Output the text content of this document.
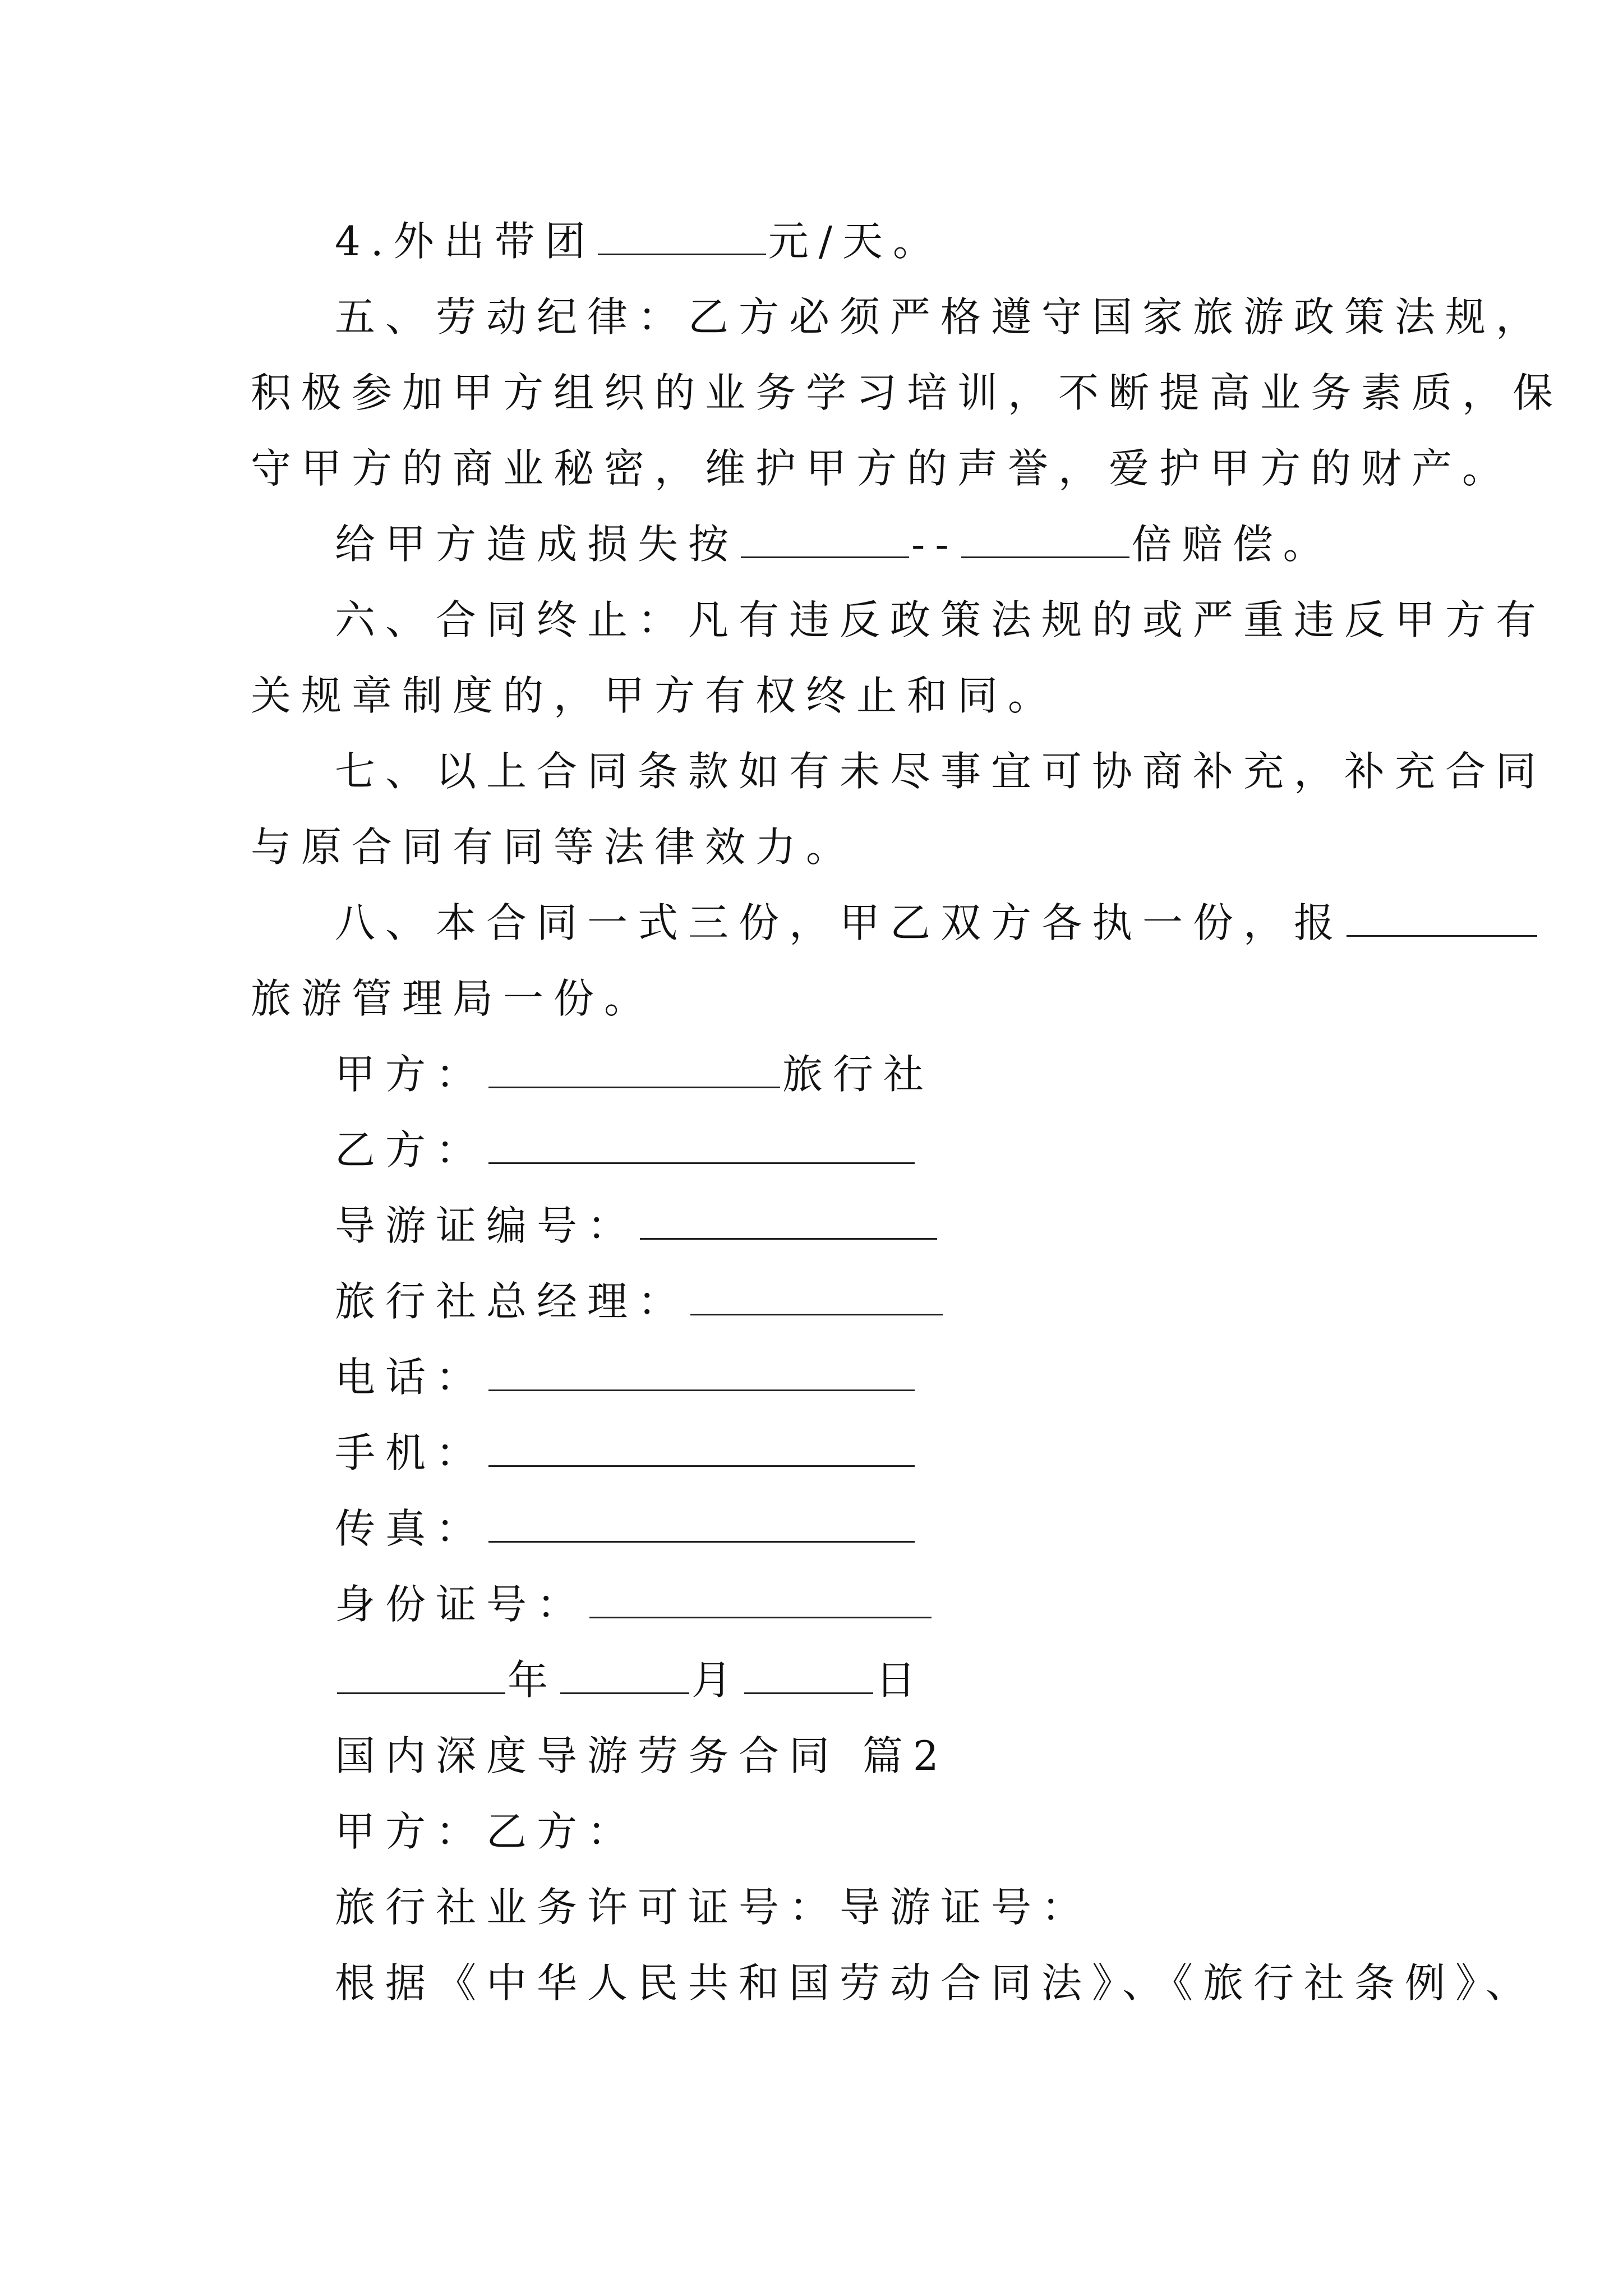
4.外出带团	元/天。
五、劳动纪律：乙方必须严格遵守国家旅游政策法规，
积极参加甲方组织的业务学习培训，不断提高业务素质，保
守甲方的商业秘密，维护甲方的声誉，爱护甲方的财产。
给甲方造成损失按	--	倍赔偿。
六、合同终止：凡有违反政策法规的或严重违反甲方有
关规章制度的，甲方有权终止和同。
七、以上合同条款如有未尽事宜可协商补充，补充合同
与原合同有同等法律效力。
八、本合同一式三份，甲乙双方各执一份，报
旅游管理局一份。
甲方：	旅行社
乙方：
导游证编号：
旅行社总经理：
电话：
手机：
传真：
身份证号：
年	月	日
国内深度导游劳务合同 篇2
甲方：乙方：
旅行社业务许可证号：导游证号：
根据《中华人民共和国劳动合同法》、《旅行社条例》、
